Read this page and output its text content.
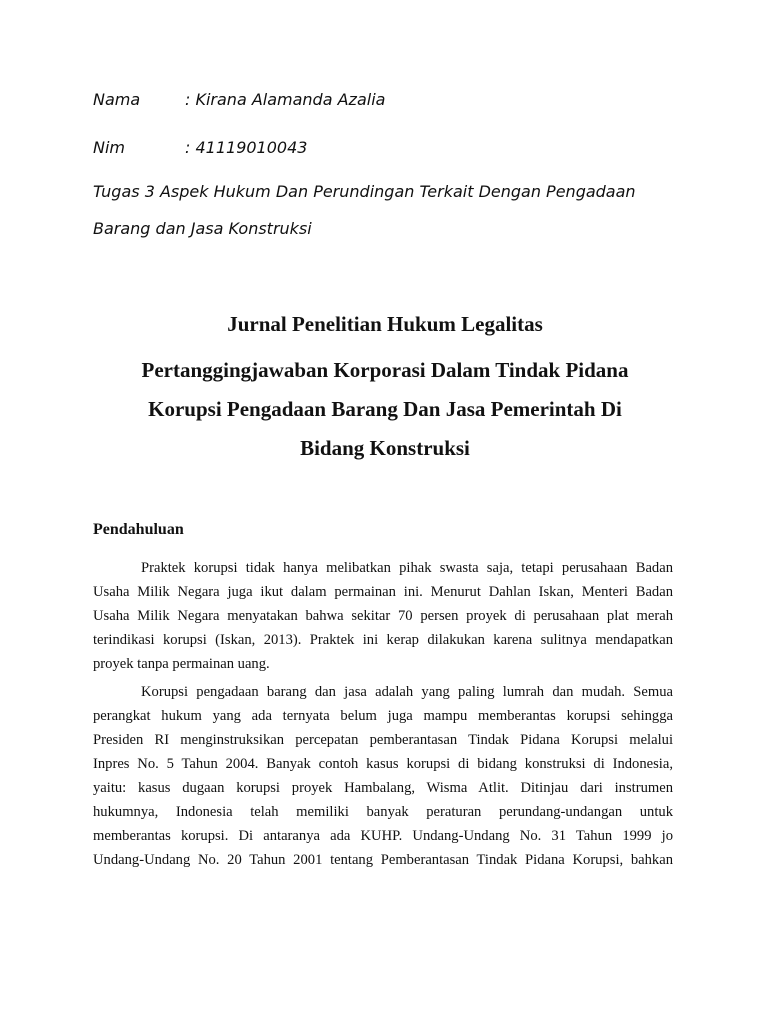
Nama	: Kirana Alamanda Azalia
Nim	: 41119010043
Tugas 3 Aspek Hukum Dan Perundingan Terkait Dengan Pengadaan
Barang dan Jasa Konstruksi
Jurnal Penelitian Hukum Legalitas
Pertanggingjawaban Korporasi Dalam Tindak Pidana
Korupsi Pengadaan Barang Dan Jasa Pemerintah Di
Bidang Konstruksi
Pendahuluan
Praktek korupsi tidak hanya melibatkan pihak swasta saja, tetapi perusahaan Badan
Usaha Milik Negara juga ikut dalam permainan ini. Menurut Dahlan Iskan, Menteri Badan
Usaha Milik Negara menyatakan bahwa sekitar 70 persen proyek di perusahaan plat merah
terindikasi korupsi (Iskan, 2013). Praktek ini kerap dilakukan karena sulitnya mendapatkan
proyek tanpa permainan uang.
Korupsi pengadaan barang dan jasa adalah yang paling lumrah dan mudah. Semua
perangkat hukum yang ada ternyata belum juga mampu memberantas korupsi sehingga
Presiden RI menginstruksikan percepatan pemberantasan Tindak Pidana Korupsi melalui
Inpres No. 5 Tahun 2004. Banyak contoh kasus korupsi di bidang konstruksi di Indonesia,
yaitu: kasus dugaan korupsi proyek Hambalang, Wisma Atlit. Ditinjau dari instrumen
hukumnya, Indonesia telah memiliki banyak peraturan perundang-undangan untuk
memberantas korupsi. Di antaranya ada KUHP. Undang-Undang No. 31 Tahun 1999 jo
Undang-Undang No. 20 Tahun 2001 tentang Pemberantasan Tindak Pidana Korupsi, bahkan
